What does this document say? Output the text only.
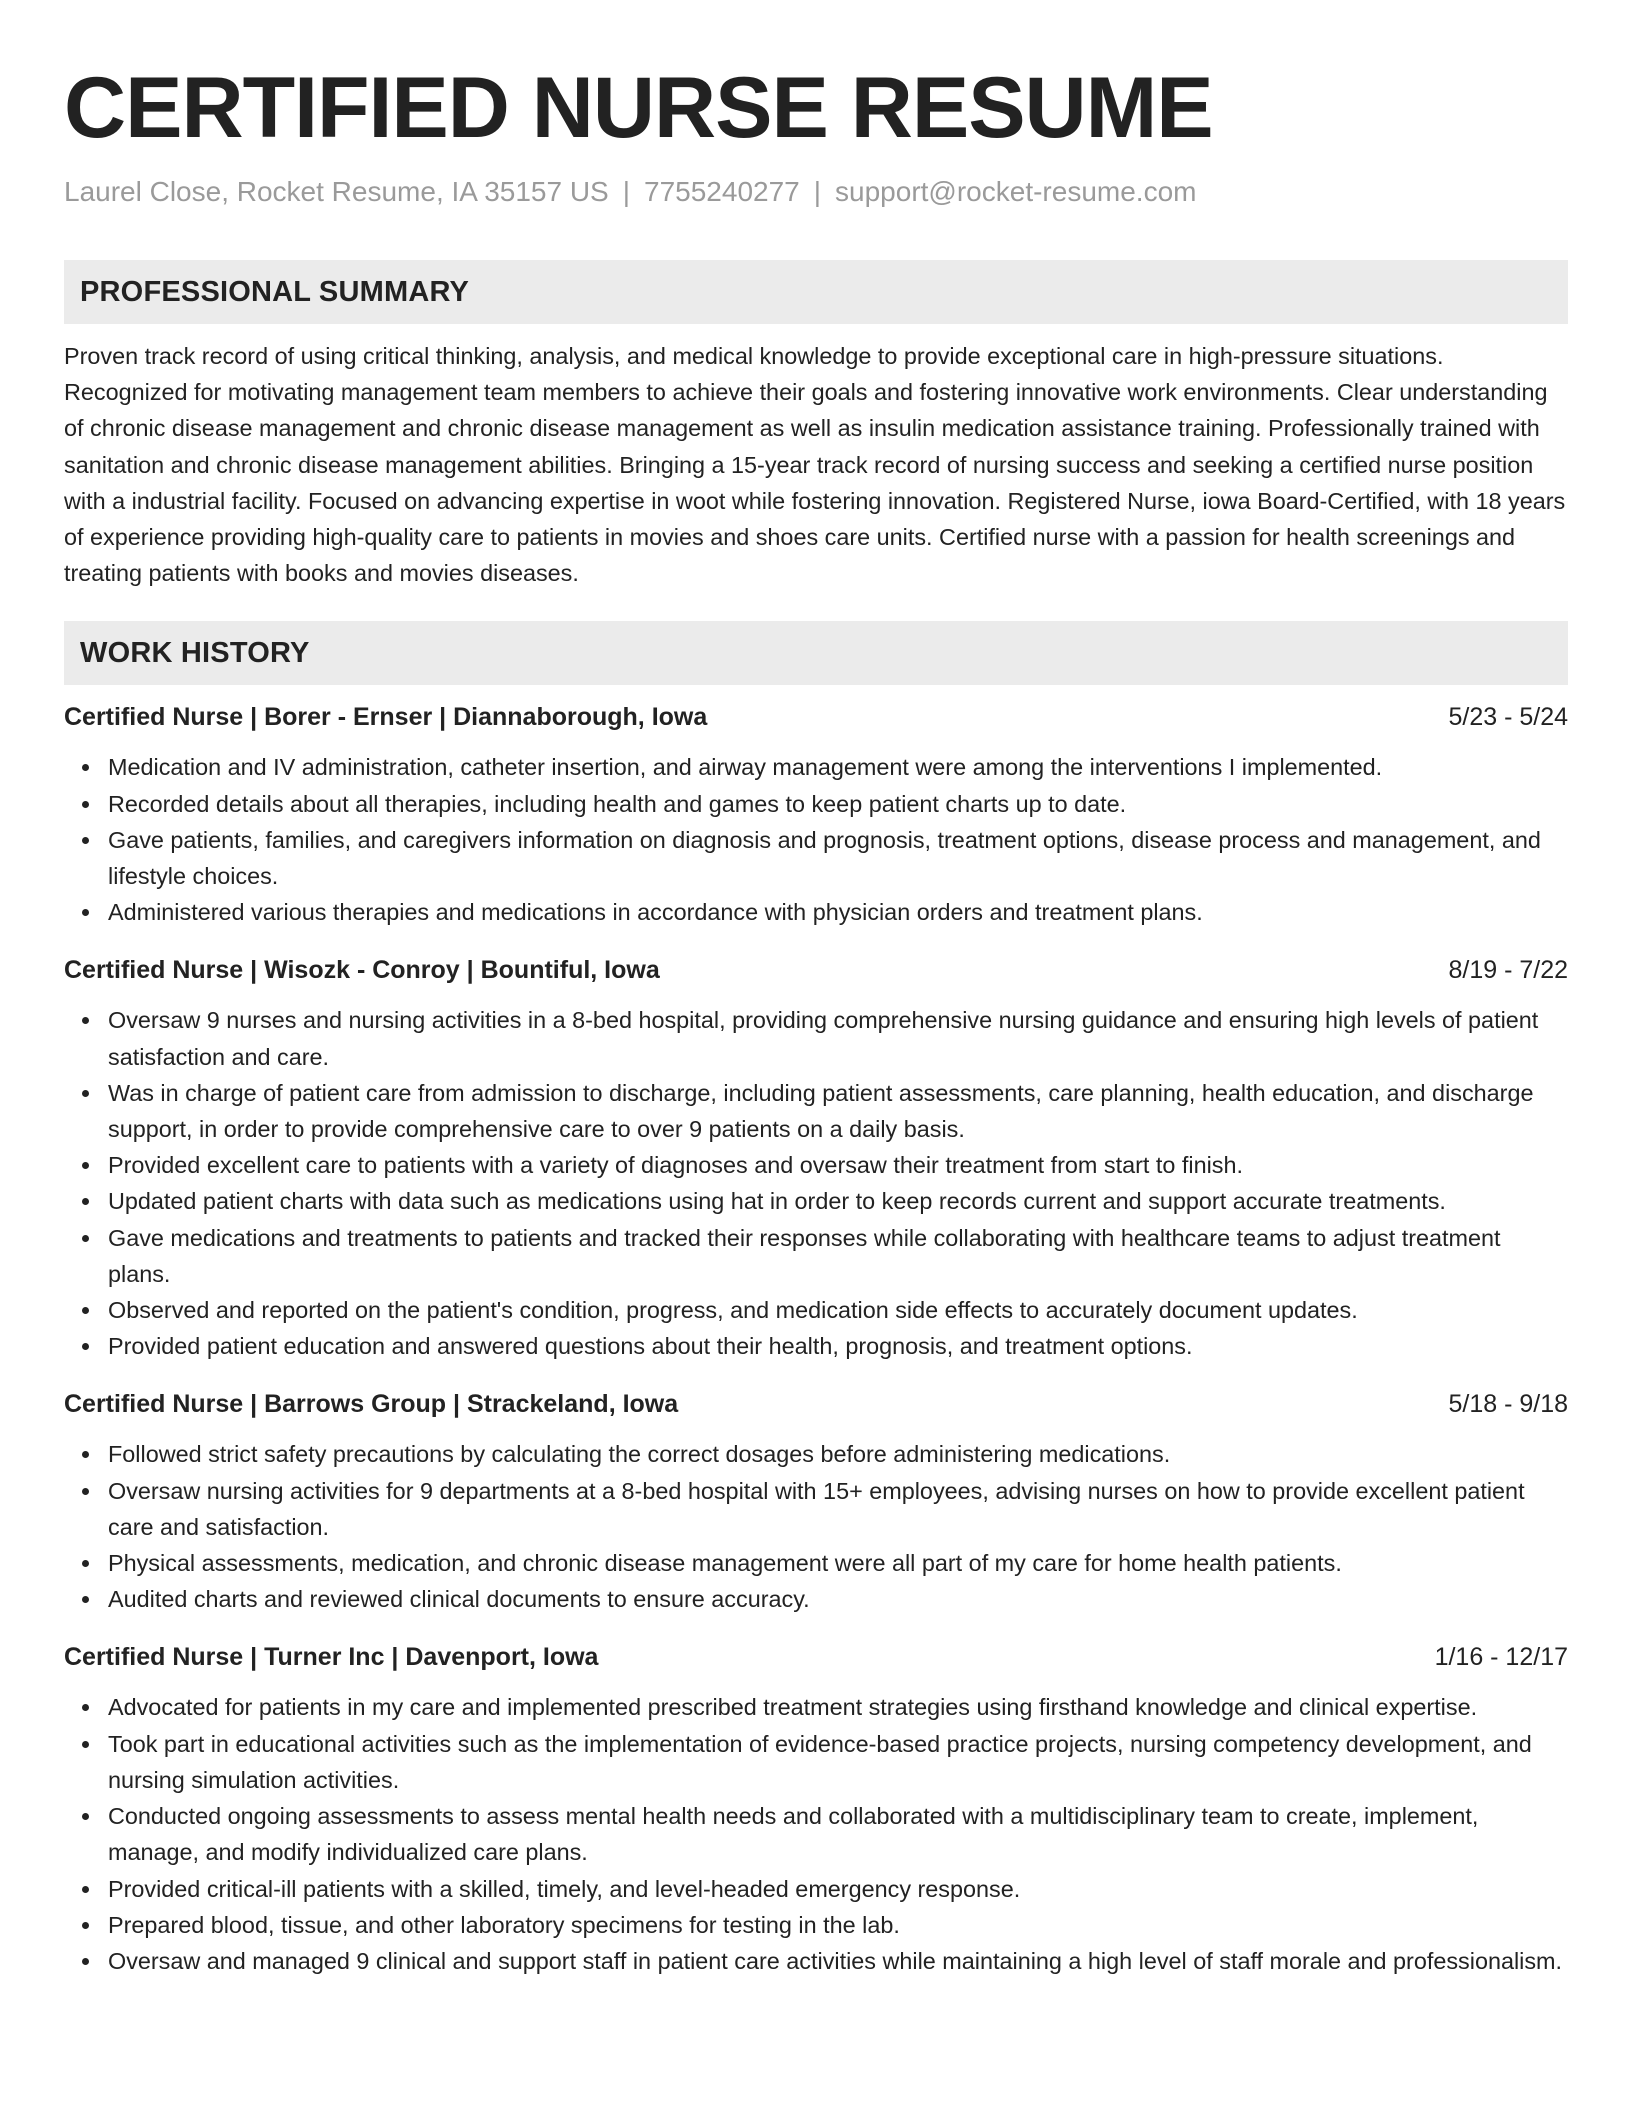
CERTIFIED NURSE RESUME
Laurel Close, Rocket Resume, IA 35157 US | 7755240277 | support@rocket-resume.com
PROFESSIONAL SUMMARY

Proven track record of using critical thinking, analysis, and medical knowledge to provide exceptional care in high-pressure situations. Recognized for motivating management team members to achieve their goals and fostering innovative work environments. Clear understanding of chronic disease management and chronic disease management as well as insulin medication assistance training. Professionally trained with sanitation and chronic disease management abilities. Bringing a 15-year track record of nursing success and seeking a certified nurse position with a industrial facility. Focused on advancing expertise in woot while fostering innovation. Registered Nurse, iowa Board-Certified, with 18 years of experience providing high-quality care to patients in movies and shoes care units. Certified nurse with a passion for health screenings and treating patients with books and movies diseases.

WORK HISTORY
Certified Nurse | Borer - Ernser | Diannaborough, Iowa	5/23 - 5/24
Medication and IV administration, catheter insertion, and airway management were among the interventions I implemented.
Recorded details about all therapies, including health and games to keep patient charts up to date.
Gave patients, families, and caregivers information on diagnosis and prognosis, treatment options, disease process and management, and lifestyle choices.
Administered various therapies and medications in accordance with physician orders and treatment plans.
Certified Nurse | Wisozk - Conroy | Bountiful, Iowa	8/19 - 7/22
Oversaw 9 nurses and nursing activities in a 8-bed hospital, providing comprehensive nursing guidance and ensuring high levels of patient satisfaction and care.
Was in charge of patient care from admission to discharge, including patient assessments, care planning, health education, and discharge support, in order to provide comprehensive care to over 9 patients on a daily basis.
Provided excellent care to patients with a variety of diagnoses and oversaw their treatment from start to finish.
Updated patient charts with data such as medications using hat in order to keep records current and support accurate treatments.
Gave medications and treatments to patients and tracked their responses while collaborating with healthcare teams to adjust treatment plans.
Observed and reported on the patient's condition, progress, and medication side effects to accurately document updates.
Provided patient education and answered questions about their health, prognosis, and treatment options.
Certified Nurse | Barrows Group | Strackeland, Iowa	5/18 - 9/18
Followed strict safety precautions by calculating the correct dosages before administering medications.
Oversaw nursing activities for 9 departments at a 8-bed hospital with 15+ employees, advising nurses on how to provide excellent patient care and satisfaction.
Physical assessments, medication, and chronic disease management were all part of my care for home health patients.
Audited charts and reviewed clinical documents to ensure accuracy.
Certified Nurse | Turner Inc | Davenport, Iowa	1/16 - 12/17
Advocated for patients in my care and implemented prescribed treatment strategies using firsthand knowledge and clinical expertise.
Took part in educational activities such as the implementation of evidence-based practice projects, nursing competency development, and nursing simulation activities.
Conducted ongoing assessments to assess mental health needs and collaborated with a multidisciplinary team to create, implement, manage, and modify individualized care plans.
Provided critical-ill patients with a skilled, timely, and level-headed emergency response.
Prepared blood, tissue, and other laboratory specimens for testing in the lab.
Oversaw and managed 9 clinical and support staff in patient care activities while maintaining a high level of staff morale and professionalism.
